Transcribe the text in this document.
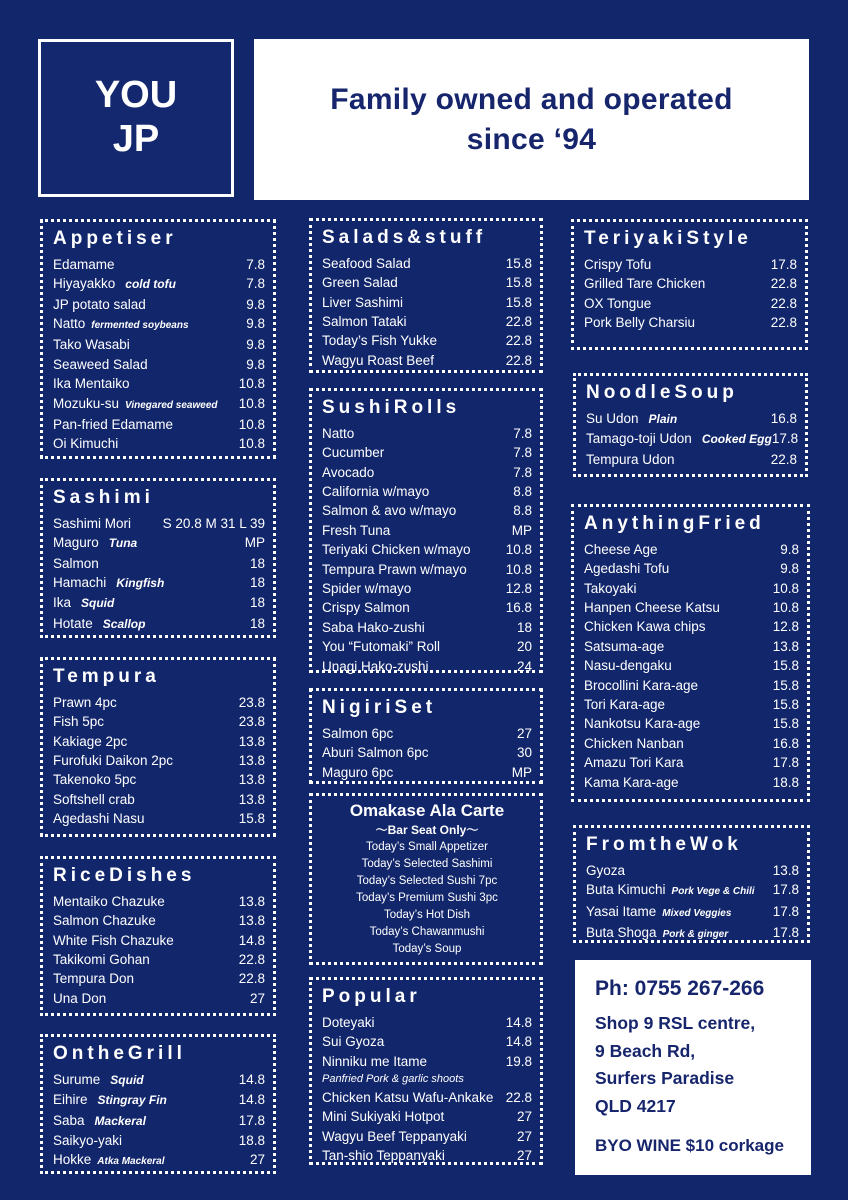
YOU
JP
Family owned and operated
since ‘94
Appetiser
Edamame	7.8
Hiyayakko cold tofu	7.8
JP potato salad	9.8
Natto fermented soybeans	9.8
Tako Wasabi	9.8
Seaweed Salad	9.8
Ika Mentaiko	10.8
Mozuku-su Vinegared seaweed 10.8
Pan-fried Edamame	10.8
Oi Kimuchi	10.8
Sashimi
Sashimi Mori S 20.8 M 31 L 39
Maguro Tuna	MP
Salmon	18
Hamachi Kingfish	18
Ika Squid	18
Hotate Scallop	18
Tempura
Prawn 4pc	23.8
Fish 5pc	23.8
Kakiage 2pc	13.8
Furofuki Daikon 2pc	13.8
Takenoko 5pc	13.8
Softshell crab	13.8
Agedashi Nasu	15.8
RiceDishes
Mentaiko Chazuke	13.8
Salmon Chazuke	13.8
White Fish Chazuke	14.8
Takikomi Gohan	22.8
Tempura Don	22.8
Una Don	27
OntheGrill
Surume Squid	14.8
Eihire Stingray Fin	14.8
Saba Mackeral	17.8
Saikyo-yaki	18.8
Hokke Atka Mackeral	27
Salads&stuff
Seafood Salad	15.8
Green Salad	15.8
Liver Sashimi	15.8
Salmon Tataki	22.8
Today’s Fish Yukke	22.8
Wagyu Roast Beef	22.8
SushiRolls
Natto	7.8
Cucumber	7.8
Avocado	7.8
California w/mayo	8.8
Salmon & avo w/mayo	8.8
Fresh Tuna	MP
Teriyaki Chicken w/mayo	10.8
Tempura Prawn w/mayo	10.8
Spider w/mayo	12.8
Crispy Salmon	16.8
Saba Hako-zushi	18
You “Futomaki” Roll	20
Unagi Hako-zushi	24
NigiriSet
Salmon 6pc	27
Aburi Salmon 6pc	30
Maguro 6pc	MP
Omakase Ala Carte
～Bar Seat Only～
Today’s Small Appetizer
Today’s Selected Sashimi
Today’s Selected Sushi 7pc
Today’s Premium Sushi 3pc
Today’s Hot Dish
Today’s Chawanmushi
Today’s Soup
Popular
Doteyaki	14.8
Sui Gyoza	14.8
Ninniku me Itame	19.8
Panfried Pork & garlic shoots
Chicken Katsu Wafu-Ankake 22.8
Mini Sukiyaki Hotpot	27
Wagyu Beef Teppanyaki	27
Tan-shio Teppanyaki	27
TeriyakiStyle
Crispy Tofu	17.8
Grilled Tare Chicken	22.8
OX Tongue	22.8
Pork Belly Charsiu	22.8
NoodleSoup
Su Udon Plain	16.8
Tamago-toji Udon Cooked Egg 17.8
Tempura Udon	22.8
AnythingFried
Cheese Age	9.8
Agedashi Tofu	9.8
Takoyaki	10.8
Hanpen Cheese Katsu	10.8
Chicken Kawa chips	12.8
Satsuma-age	13.8
Nasu-dengaku	15.8
Brocollini Kara-age	15.8
Tori Kara-age	15.8
Nankotsu Kara-age	15.8
Chicken Nanban	16.8
Amazu Tori Kara	17.8
Kama Kara-age	18.8
FromtheWok
Gyoza	13.8
Buta Kimuchi Pork Vege & Chili 17.8
Yasai Itame Mixed Veggies	17.8
Buta Shoga Pork & ginger	17.8
Ph: 0755 267-266
Shop 9 RSL centre,
9 Beach Rd,
Surfers Paradise
QLD 4217
BYO WINE $10 corkage
